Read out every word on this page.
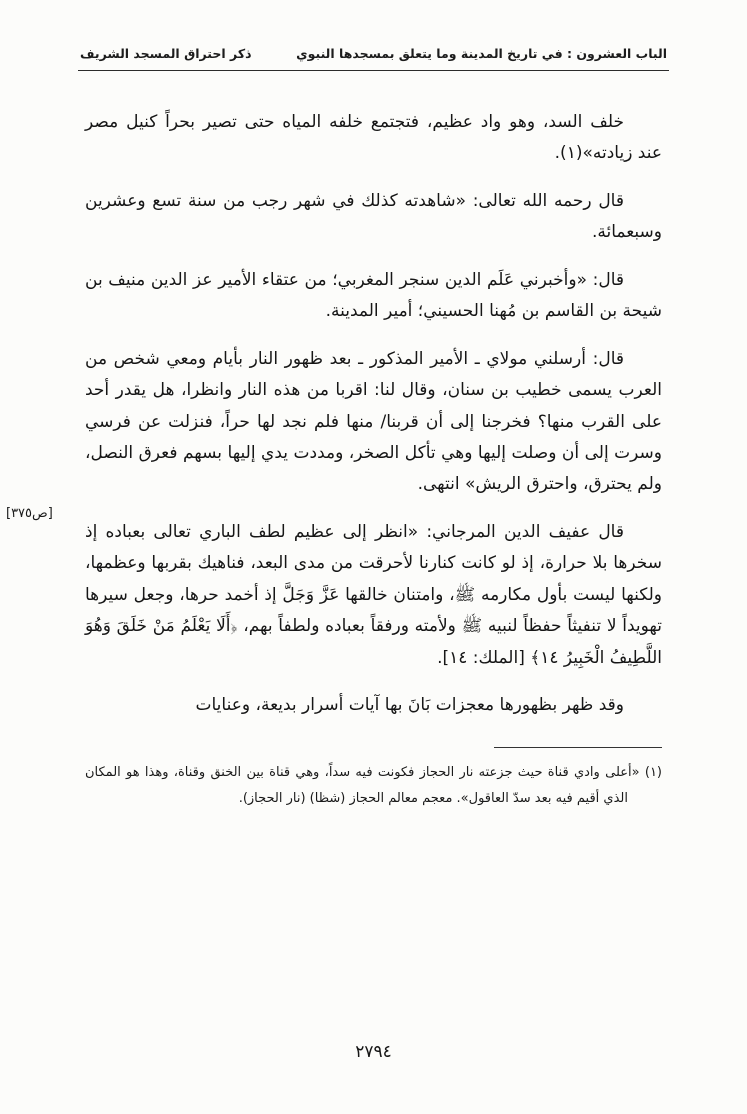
الباب العشرون : في تاريخ المدينة وما يتعلق بمسجدها النبوي
ذكر احتراق المسجد الشريف

خلف السد، وهو واد عظيم، فتجتمع خلفه المياه حتى تصير بحراً كنيل مصر عند زيادته»(١).

قال رحمه الله تعالى: «شاهدته كذلك في شهر رجب من سنة تسع وعشرين وسبعمائة.

قال: «وأخبرني عَلَم الدين سنجر المغربي؛ من عتقاء الأمير عز الدين منيف بن شيحة بن القاسم بن مُهنا الحسيني؛ أمير المدينة.

قال: أرسلني مولاي ـ الأمير المذكور ـ بعد ظهور النار بأيام ومعي شخص من العرب يسمى خطيب بن سنان، وقال لنا: اقربا من هذه النار وانظرا، هل يقدر أحد على القرب منها؟ فخرجنا إلى أن قربنا/ منها فلم نجد لها حراً، فنزلت عن فرسي وسرت إلى أن وصلت إليها وهي تأكل الصخر، ومددت يدي إليها بسهم فعرق النصل، ولم يحترق، واحترق الريش» انتهى.

قال عفيف الدين المرجاني: «انظر إلى عظيم لطف الباري تعالى بعباده إذ سخرها بلا حرارة، إذ لو كانت كنارنا لأحرقت من مدى البعد، فناهيك بقربها وعظمها، ولكنها ليست بأول مكارمه ﷺ، وامتنان خالقها عَزَّ وَجَلَّ إذ أخمد حرها، وجعل سيرها تهويداً لا تنفيثاً حفظاً لنبيه ﷺ ولأمته ورفقاً بعباده ولطفاً بهم، ﴿أَلَا يَعْلَمُ مَنْ خَلَقَ وَهُوَ اللَّطِيفُ الْخَبِيرُ ١٤﴾ [الملك: ١٤].

وقد ظهر بظهورها معجزات بَانَ بها آيات أسرار بديعة، وعنايات

[ص٣٧٥]

(١) «أعلى وادي قناة حيث جزعته نار الحجاز فكونت فيه سداً، وهي قناة بين الخنق وقناة، وهذا هو المكان الذي أقيم فيه بعد سدّ العاقول». معجم معالم الحجاز (شظا) (نار الحجاز).

٢٧٩٤
